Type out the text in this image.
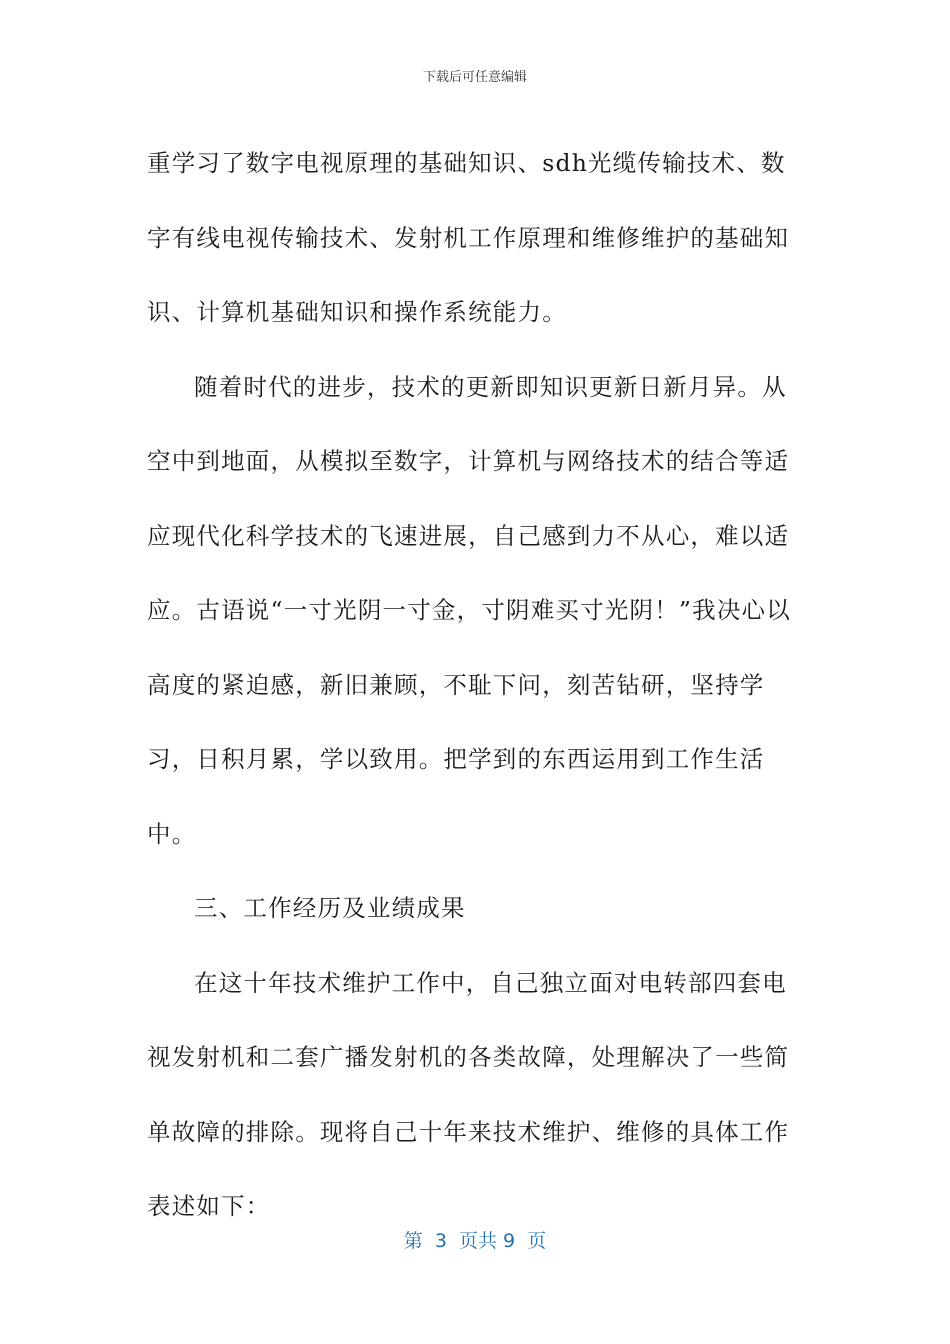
下载后可任意编辑

重学习了数字电视原理的基础知识、sdh光缆传输技术、数字有线电视传输技术、发射机工作原理和维修维护的基础知识、计算机基础知识和操作系统能力。

随着时代的进步，技术的更新即知识更新日新月异。从空中到地面，从模拟至数字，计算机与网络技术的结合等适应现代化科学技术的飞速进展，自己感到力不从心，难以适应。古语说“一寸光阴一寸金，寸阴难买寸光阴！”我决心以高度的紧迫感，新旧兼顾，不耻下问，刻苦钻研，坚持学习，日积月累，学以致用。把学到的东西运用到工作生活中。

三、工作经历及业绩成果

在这十年技术维护工作中，自己独立面对电转部四套电视发射机和二套广播发射机的各类故障，处理解决了一些简单故障的排除。现将自己十年来技术维护、维修的具体工作表述如下：

第  3  页共 9  页
